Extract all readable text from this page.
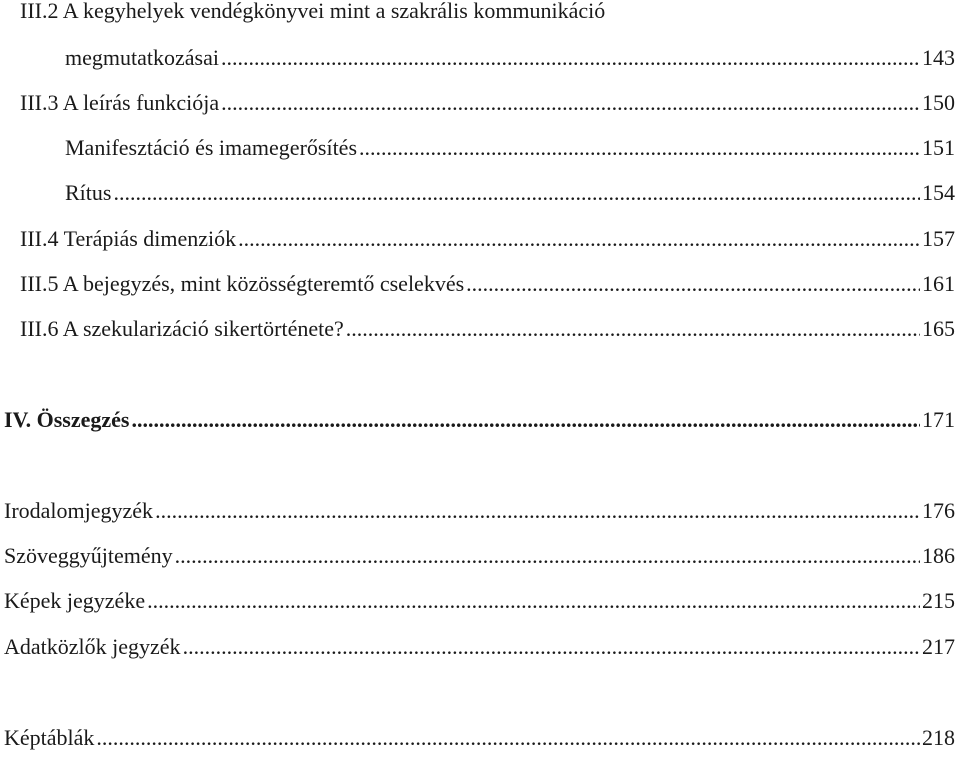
III.2 A kegyhelyek vendégkönyvei mint a szakrális kommunikáció
megmutatkozásai .....	143
III.3 A leírás funkciója .....	150
Manifesztáció és imamegerősítés .....	151
Rítus .....	154
III.4 Terápiás dimenziók .....	157
III.5 A bejegyzés, mint közösségteremtő cselekvés .....	161
III.6 A szekularizáció sikertörténete? .....	165
IV. Összegzés .....	171
Irodalomjegyzék .....	176
Szöveggyűjtemény .....	186
Képek jegyzéke .....	215
Adatközlők jegyzék .....	217
Képtáblák .....	218
